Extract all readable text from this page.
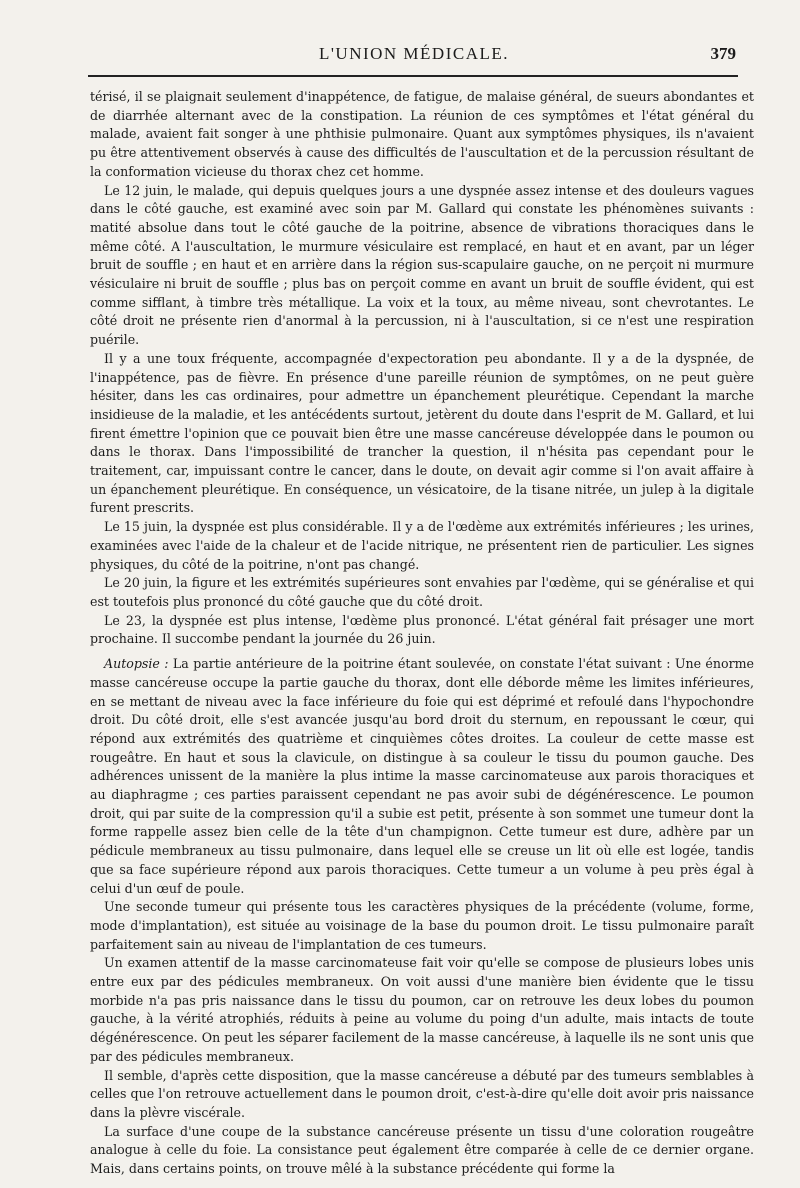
L'UNION MÉDICALE.	379

térisé, il se plaignait seulement d'inappétence, de fatigue, de malaise général, de sueurs abondantes et de diarrhée alternant avec de la constipation. La réunion de ces symptômes et l'état général du malade, avaient fait songer à une phthisie pulmonaire. Quant aux symptômes physiques, ils n'avaient pu être attentivement observés à cause des difficultés de l'auscultation et de la percussion résultant de la conformation vicieuse du thorax chez cet homme.

Le 12 juin, le malade, qui depuis quelques jours a une dyspnée assez intense et des douleurs vagues dans le côté gauche, est examiné avec soin par M. Gallard qui constate les phénomènes suivants : matité absolue dans tout le côté gauche de la poitrine, absence de vibrations thoraciques dans le même côté. A l'auscultation, le murmure vésiculaire est remplacé, en haut et en avant, par un léger bruit de souffle ; en haut et en arrière dans la région sus-scapulaire gauche, on ne perçoit ni murmure vésiculaire ni bruit de souffle ; plus bas on perçoit comme en avant un bruit de souffle évident, qui est comme sifflant, à timbre très métallique. La voix et la toux, au même niveau, sont chevrotantes. Le côté droit ne présente rien d'anormal à la percussion, ni à l'auscultation, si ce n'est une respiration puérile.

Il y a une toux fréquente, accompagnée d'expectoration peu abondante. Il y a de la dyspnée, de l'inappétence, pas de fièvre. En présence d'une pareille réunion de symptômes, on ne peut guère hésiter, dans les cas ordinaires, pour admettre un épanchement pleurétique. Cependant la marche insidieuse de la maladie, et les antécédents surtout, jetèrent du doute dans l'esprit de M. Gallard, et lui firent émettre l'opinion que ce pouvait bien être une masse cancéreuse développée dans le poumon ou dans le thorax. Dans l'impossibilité de trancher la question, il n'hésita pas cependant pour le traitement, car, impuissant contre le cancer, dans le doute, on devait agir comme si l'on avait affaire à un épanchement pleurétique. En conséquence, un vésicatoire, de la tisane nitrée, un julep à la digitale furent prescrits.

Le 15 juin, la dyspnée est plus considérable. Il y a de l'œdème aux extrémités inférieures ; les urines, examinées avec l'aide de la chaleur et de l'acide nitrique, ne présentent rien de particulier. Les signes physiques, du côté de la poitrine, n'ont pas changé.

Le 20 juin, la figure et les extrémités supérieures sont envahies par l'œdème, qui se généralise et qui est toutefois plus prononcé du côté gauche que du côté droit.

Le 23, la dyspnée est plus intense, l'œdème plus prononcé. L'état général fait présager une mort prochaine. Il succombe pendant la journée du 26 juin.

Autopsie : La partie antérieure de la poitrine étant soulevée, on constate l'état suivant : Une énorme masse cancéreuse occupe la partie gauche du thorax, dont elle déborde même les limites inférieures, en se mettant de niveau avec la face inférieure du foie qui est déprimé et refoulé dans l'hypochondre droit. Du côté droit, elle s'est avancée jusqu'au bord droit du sternum, en repoussant le cœur, qui répond aux extrémités des quatrième et cinquièmes côtes droites. La couleur de cette masse est rougeâtre. En haut et sous la clavicule, on distingue à sa couleur le tissu du poumon gauche. Des adhérences unissent de la manière la plus intime la masse carcinomateuse aux parois thoraciques et au diaphragme ; ces parties paraissent cependant ne pas avoir subi de dégénérescence. Le poumon droit, qui par suite de la compression qu'il a subie est petit, présente à son sommet une tumeur dont la forme rappelle assez bien celle de la tête d'un champignon. Cette tumeur est dure, adhère par un pédicule membraneux au tissu pulmonaire, dans lequel elle se creuse un lit où elle est logée, tandis que sa face supérieure répond aux parois thoraciques. Cette tumeur a un volume à peu près égal à celui d'un œuf de poule.

Une seconde tumeur qui présente tous les caractères physiques de la précédente (volume, forme, mode d'implantation), est située au voisinage de la base du poumon droit. Le tissu pulmonaire paraît parfaitement sain au niveau de l'implantation de ces tumeurs.

Un examen attentif de la masse carcinomateuse fait voir qu'elle se compose de plusieurs lobes unis entre eux par des pédicules membraneux. On voit aussi d'une manière bien évidente que le tissu morbide n'a pas pris naissance dans le tissu du poumon, car on retrouve les deux lobes du poumon gauche, à la vérité atrophiés, réduits à peine au volume du poing d'un adulte, mais intacts de toute dégénérescence. On peut les séparer facilement de la masse cancéreuse, à laquelle ils ne sont unis que par des pédicules membraneux.

Il semble, d'après cette disposition, que la masse cancéreuse a débuté par des tumeurs semblables à celles que l'on retrouve actuellement dans le poumon droit, c'est-à-dire qu'elle doit avoir pris naissance dans la plèvre viscérale.

La surface d'une coupe de la substance cancéreuse présente un tissu d'une coloration rougeâtre analogue à celle du foie. La consistance peut également être comparée à celle de ce dernier organe. Mais, dans certains points, on trouve mêlé à la substance précédente qui forme la
